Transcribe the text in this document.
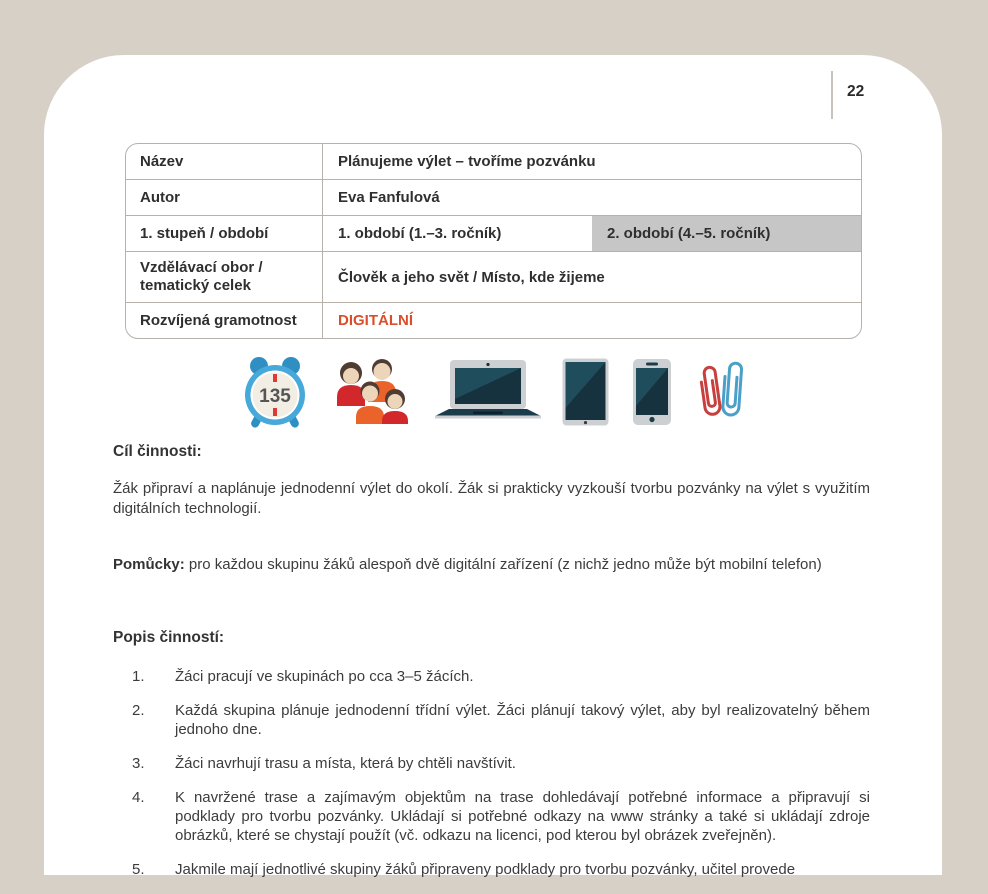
22
Název	Plánujeme výlet – tvoříme pozvánku
Autor	Eva Fanfulová
1. stupeň / období	1. období (1.–3. ročník)	2. období (4.–5. ročník)
Vzdělávací obor / tematický celek	Člověk a jeho svět / Místo, kde žijeme
Rozvíjená gramotnost	DIGITÁLNÍ
135
Cíl činnosti:

Žák připraví a naplánuje jednodenní výlet do okolí. Žák si prakticky vyzkouší tvorbu pozvánky na výlet s využitím digitálních technologií.

Pomůcky: pro každou skupinu žáků alespoň dvě digitální zařízení (z nichž jedno může být mobilní telefon)

Popis činností:
Žáci pracují ve skupinách po cca 3–5 žácích.
Každá skupina plánuje jednodenní třídní výlet. Žáci plánují takový výlet, aby byl realizovatelný během jednoho dne.
Žáci navrhují trasu a místa, která by chtěli navštívit.
K navržené trase a zajímavým objektům na trase dohledávají potřebné informace a připravují si podklady pro tvorbu pozvánky. Ukládají si potřebné odkazy na www stránky a také si ukládají zdroje obrázků, které se chystají použít (vč. odkazu na licenci, pod kterou byl obrázek zveřejněn).
Jakmile mají jednotlivé skupiny žáků připraveny podklady pro tvorbu pozvánky, učitel provede
